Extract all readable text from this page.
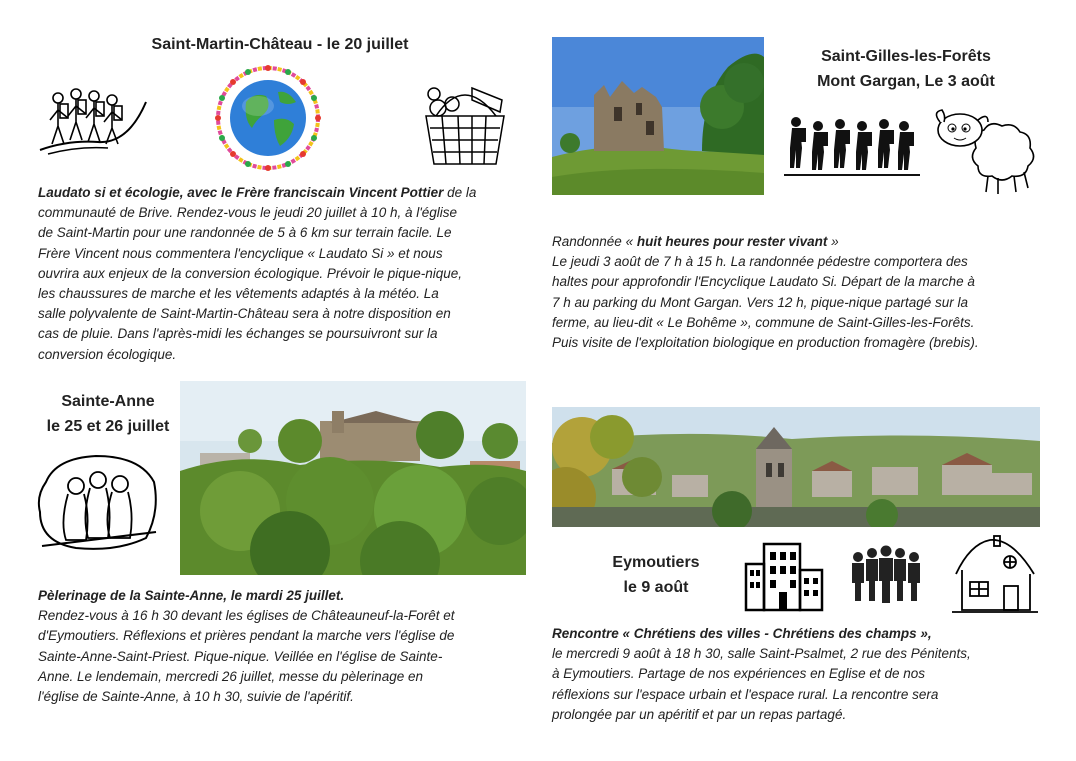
Saint-Martin-Château - le 20 juillet
Laudato si et écologie, avec le Frère franciscain Vincent Pottier de la
communauté de Brive. Rendez-vous le jeudi 20 juillet à 10 h, à l'église
de Saint-Martin pour une randonnée de 5 à 6 km sur terrain facile. Le
Frère Vincent nous commentera l'encyclique « Laudato Si » et nous
ouvrira aux enjeux de la conversion écologique. Prévoir le pique-nique,
les chaussures de marche et les vêtements adaptés à la météo. La
salle polyvalente de Saint-Martin-Château sera à notre disposition en
cas de pluie. Dans l'après-midi les échanges se poursuivront sur la
conversion écologique.
Saint-Gilles-les-Forêts
Mont Gargan, Le 3 août
Randonnée « huit heures pour rester vivant »
Le jeudi 3 août de 7 h à 15 h. La randonnée pédestre comportera des
haltes pour approfondir l'Encyclique Laudato Si. Départ de la marche à
7 h au parking du Mont Gargan. Vers 12 h, pique-nique partagé sur la
ferme, au lieu-dit « Le Bohême », commune de Saint-Gilles-les-Forêts.
Puis visite de l'exploitation biologique en production fromagère (brebis).
Sainte-Anne
le 25 et 26 juillet
Pèlerinage de la Sainte-Anne, le mardi 25 juillet.
Rendez-vous à 16 h 30 devant les églises de Châteauneuf-la-Forêt et
d'Eymoutiers. Réflexions et prières pendant la marche vers l'église de
Sainte-Anne-Saint-Priest. Pique-nique. Veillée en l'église de Sainte-
Anne. Le lendemain, mercredi 26 juillet, messe du pèlerinage en
l'église de Sainte-Anne, à 10 h 30, suivie de l'apéritif.
Eymoutiers
le 9 août
Rencontre « Chrétiens des villes - Chrétiens des champs »,
le mercredi 9 août à 18 h 30, salle Saint-Psalmet, 2 rue des Pénitents,
à Eymoutiers. Partage de nos expériences en Eglise et de nos
réflexions sur l'espace urbain et l'espace rural. La rencontre sera
prolongée par un apéritif et par un repas partagé.
